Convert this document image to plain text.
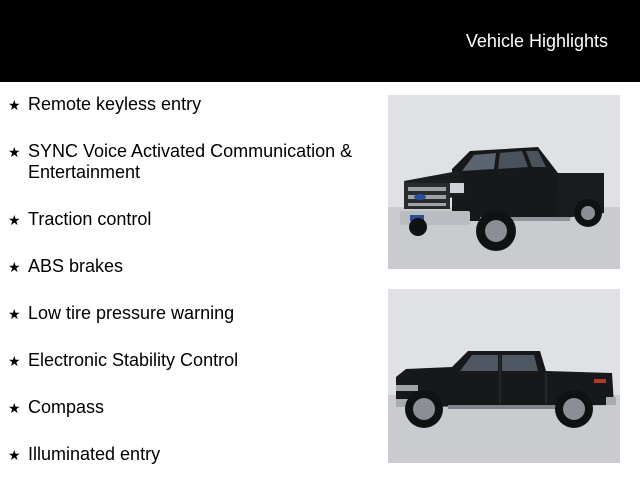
Vehicle Highlights
★ Remote keyless entry
★ SYNC Voice Activated Communication & Entertainment
★ Traction control
★ ABS brakes
★ Low tire pressure warning
★ Electronic Stability Control
★ Compass
★ Illuminated entry
